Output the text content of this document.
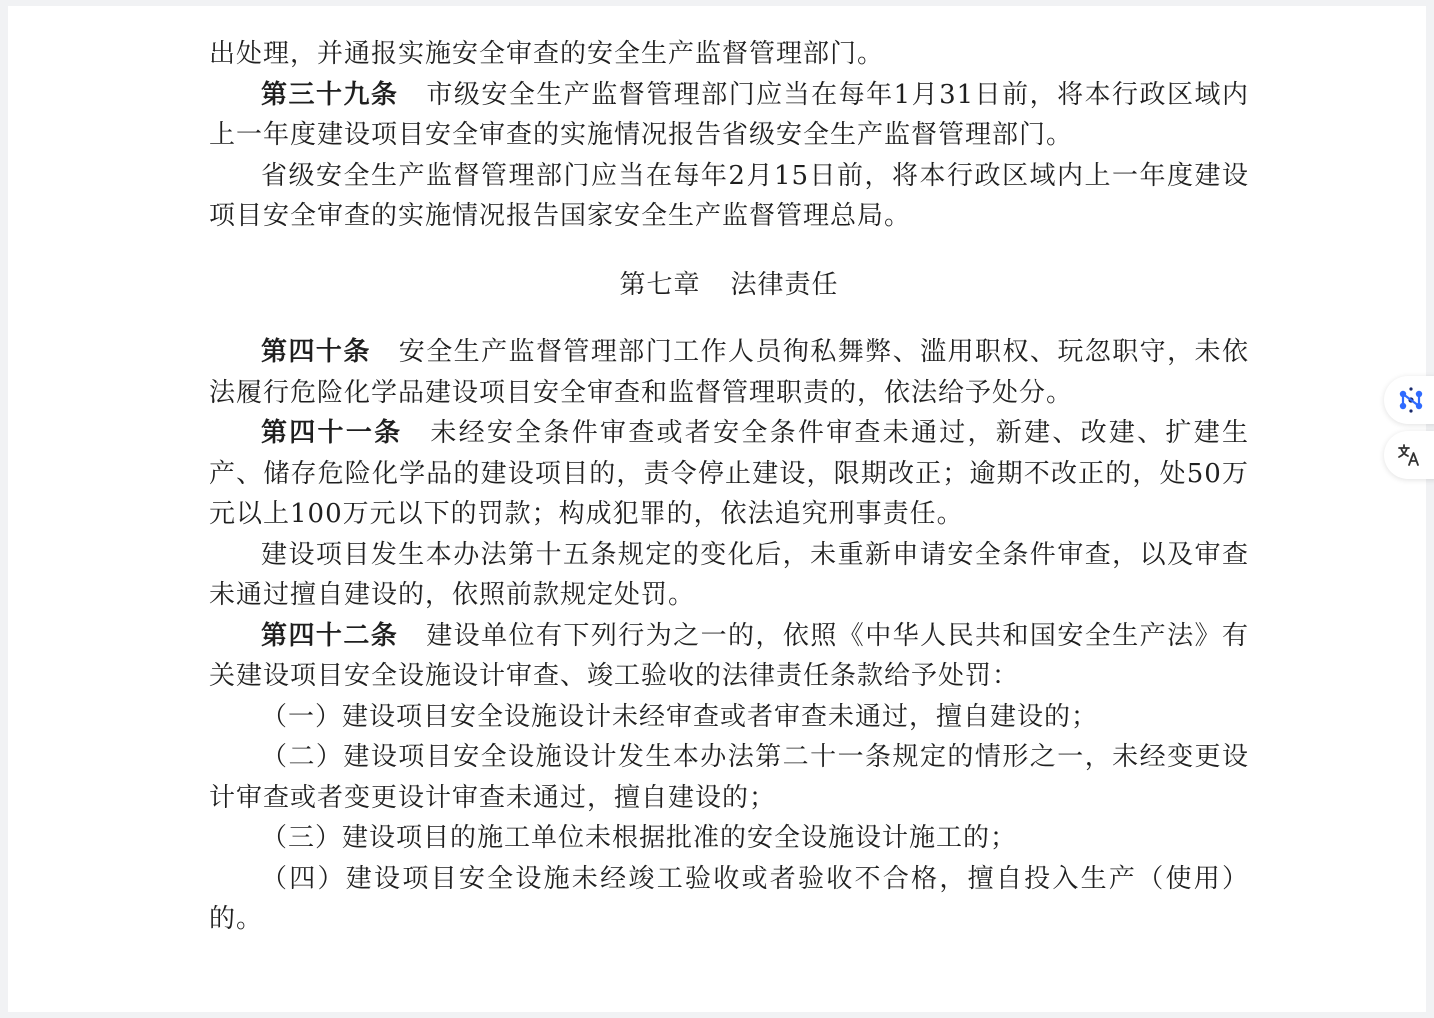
出处理，并通报实施安全审查的安全生产监督管理部门。

第三十九条 市级安全生产监督管理部门应当在每年1月31日前，将本行政区域内上一年度建设项目安全审查的实施情况报告省级安全生产监督管理部门。

省级安全生产监督管理部门应当在每年2月15日前，将本行政区域内上一年度建设项目安全审查的实施情况报告国家安全生产监督管理总局。

第七章 法律责任

第四十条 安全生产监督管理部门工作人员徇私舞弊、滥用职权、玩忽职守，未依法履行危险化学品建设项目安全审查和监督管理职责的，依法给予处分。

第四十一条 未经安全条件审查或者安全条件审查未通过，新建、改建、扩建生产、储存危险化学品的建设项目的，责令停止建设，限期改正；逾期不改正的，处50万元以上100万元以下的罚款；构成犯罪的，依法追究刑事责任。

建设项目发生本办法第十五条规定的变化后，未重新申请安全条件审查，以及审查未通过擅自建设的，依照前款规定处罚。

第四十二条 建设单位有下列行为之一的，依照《中华人民共和国安全生产法》有关建设项目安全设施设计审查、竣工验收的法律责任条款给予处罚：

（一）建设项目安全设施设计未经审查或者审查未通过，擅自建设的；

（二）建设项目安全设施设计发生本办法第二十一条规定的情形之一，未经变更设计审查或者变更设计审查未通过，擅自建设的；

（三）建设项目的施工单位未根据批准的安全设施设计施工的；

（四）建设项目安全设施未经竣工验收或者验收不合格，擅自投入生产（使用）的。
